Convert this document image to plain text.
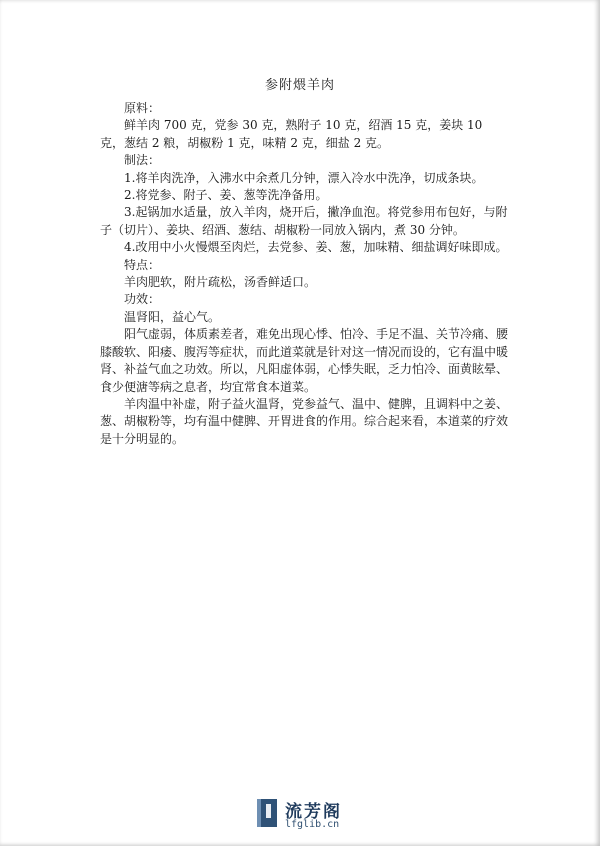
参附煨羊肉

原料：

鲜羊肉 700 克，党参 30 克，熟附子 10 克，绍酒 15 克，姜块 10 克，葱结 2 粮，胡椒粉 1 克，味精 2 克，细盐 2 克。

制法：

1.将羊肉洗净，入沸水中余煮几分钟，漂入冷水中洗净，切成条块。

2.将党参、附子、姜、葱等洗净备用。

3.起锅加水适量，放入羊肉，烧开后，撇净血泡。将党参用布包好，与附子（切片）、姜块、绍酒、葱结、胡椒粉一同放入锅内，煮 30 分钟。

4.改用中小火慢煨至肉烂，去党参、姜、葱，加味精、细盐调好味即成。

特点：

羊肉肥软，附片疏松，汤香鲜适口。

功效：

温肾阳，益心气。

阳气虚弱，体质素差者，难免出现心悸、怕冷、手足不温、关节冷痛、腰膝酸软、阳痿、腹泻等症状，而此道菜就是针对这一情况而设的，它有温中暖肾、补益气血之功效。所以，凡阳虚体弱，心悸失眠，乏力怕冷、面黄眩晕、食少便溏等病之息者，均宜常食本道菜。

羊肉温中补虚，附子益火温肾，党参益气、温中、健脾，且调料中之姜、葱、胡椒粉等，均有温中健脾、开胃进食的作用。综合起来看，本道菜的疗效是十分明显的。

流芳阁
lfglib.cn
